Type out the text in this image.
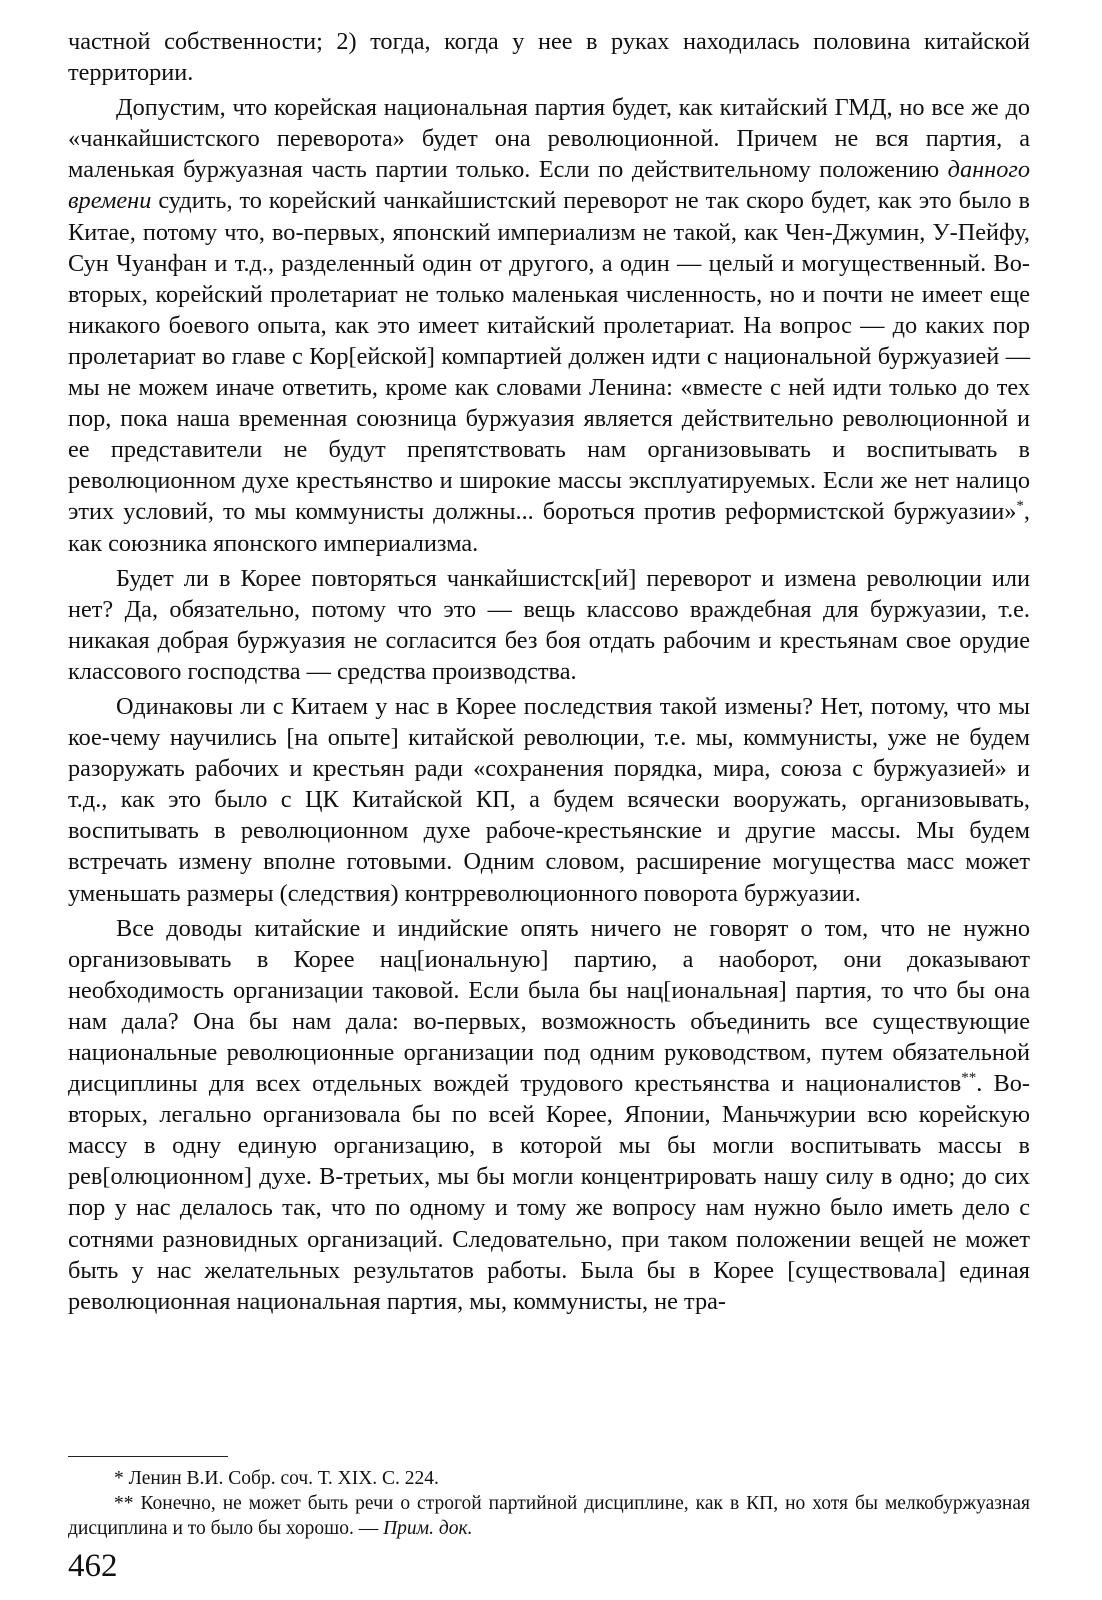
частной собственности; 2) тогда, когда у нее в руках находилась половина китайской территории.

Допустим, что корейская национальная партия будет, как китайский ГМД, но все же до «чанкайшистского переворота» будет она революционной. Причем не вся партия, а маленькая буржуазная часть партии только. Если по действительному положению данного времени судить, то корейский чанкайшистский переворот не так скоро будет, как это было в Китае, потому что, во-первых, японский империализм не такой, как Чен-Джумин, У-Пейфу, Сун Чуанфан и т.д., разделенный один от другого, а один — целый и могущественный. Во-вторых, корейский пролетариат не только маленькая численность, но и почти не имеет еще никакого боевого опыта, как это имеет китайский пролетариат. На вопрос — до каких пор пролетариат во главе с Кор[ейской] компартией должен идти с национальной буржуазией — мы не можем иначе ответить, кроме как словами Ленина: «вместе с ней идти только до тех пор, пока наша временная союзница буржуазия является действительно революционной и ее представители не будут препятствовать нам организовывать и воспитывать в революционном духе крестьянство и широкие массы эксплуатируемых. Если же нет налицо этих условий, то мы коммунисты должны... бороться против реформистской буржуазии»*, как союзника японского империализма.

Будет ли в Корее повторяться чанкайшистск[ий] переворот и измена революции или нет? Да, обязательно, потому что это — вещь классово враждебная для буржуазии, т.е. никакая добрая буржуазия не согласится без боя отдать рабочим и крестьянам свое орудие классового господства — средства производства.

Одинаковы ли с Китаем у нас в Корее последствия такой измены? Нет, потому, что мы кое-чему научились [на опыте] китайской революции, т.е. мы, коммунисты, уже не будем разоружать рабочих и крестьян ради «сохранения порядка, мира, союза с буржуазией» и т.д., как это было с ЦК Китайской КП, а будем всячески вооружать, организовывать, воспитывать в революционном духе рабоче-крестьянские и другие массы. Мы будем встречать измену вполне готовыми. Одним словом, расширение могущества масс может уменьшать размеры (следствия) контрреволюционного поворота буржуазии.

Все доводы китайские и индийские опять ничего не говорят о том, что не нужно организовывать в Корее нац[иональную] партию, а наоборот, они доказывают необходимость организации таковой. Если была бы нац[иональная] партия, то что бы она нам дала? Она бы нам дала: во-первых, возможность объединить все существующие национальные революционные организации под одним руководством, путем обязательной дисциплины для всех отдельных вождей трудового крестьянства и националистов**. Во-вторых, легально организовала бы по всей Корее, Японии, Маньчжурии всю корейскую массу в одну единую организацию, в которой мы бы могли воспитывать массы в рев[олюционном] духе. В-третьих, мы бы могли концентрировать нашу силу в одно; до сих пор у нас делалось так, что по одному и тому же вопросу нам нужно было иметь дело с сотнями разновидных организаций. Следовательно, при таком положении вещей не может быть у нас желательных результатов работы. Была бы в Корее [существовала] единая революционная национальная партия, мы, коммунисты, не тра-

* Ленин В.И. Собр. соч. Т. XIX. С. 224.

** Конечно, не может быть речи о строгой партийной дисциплине, как в КП, но хотя бы мелкобуржуазная дисциплина и то было бы хорошо. — Прим. док.

462
